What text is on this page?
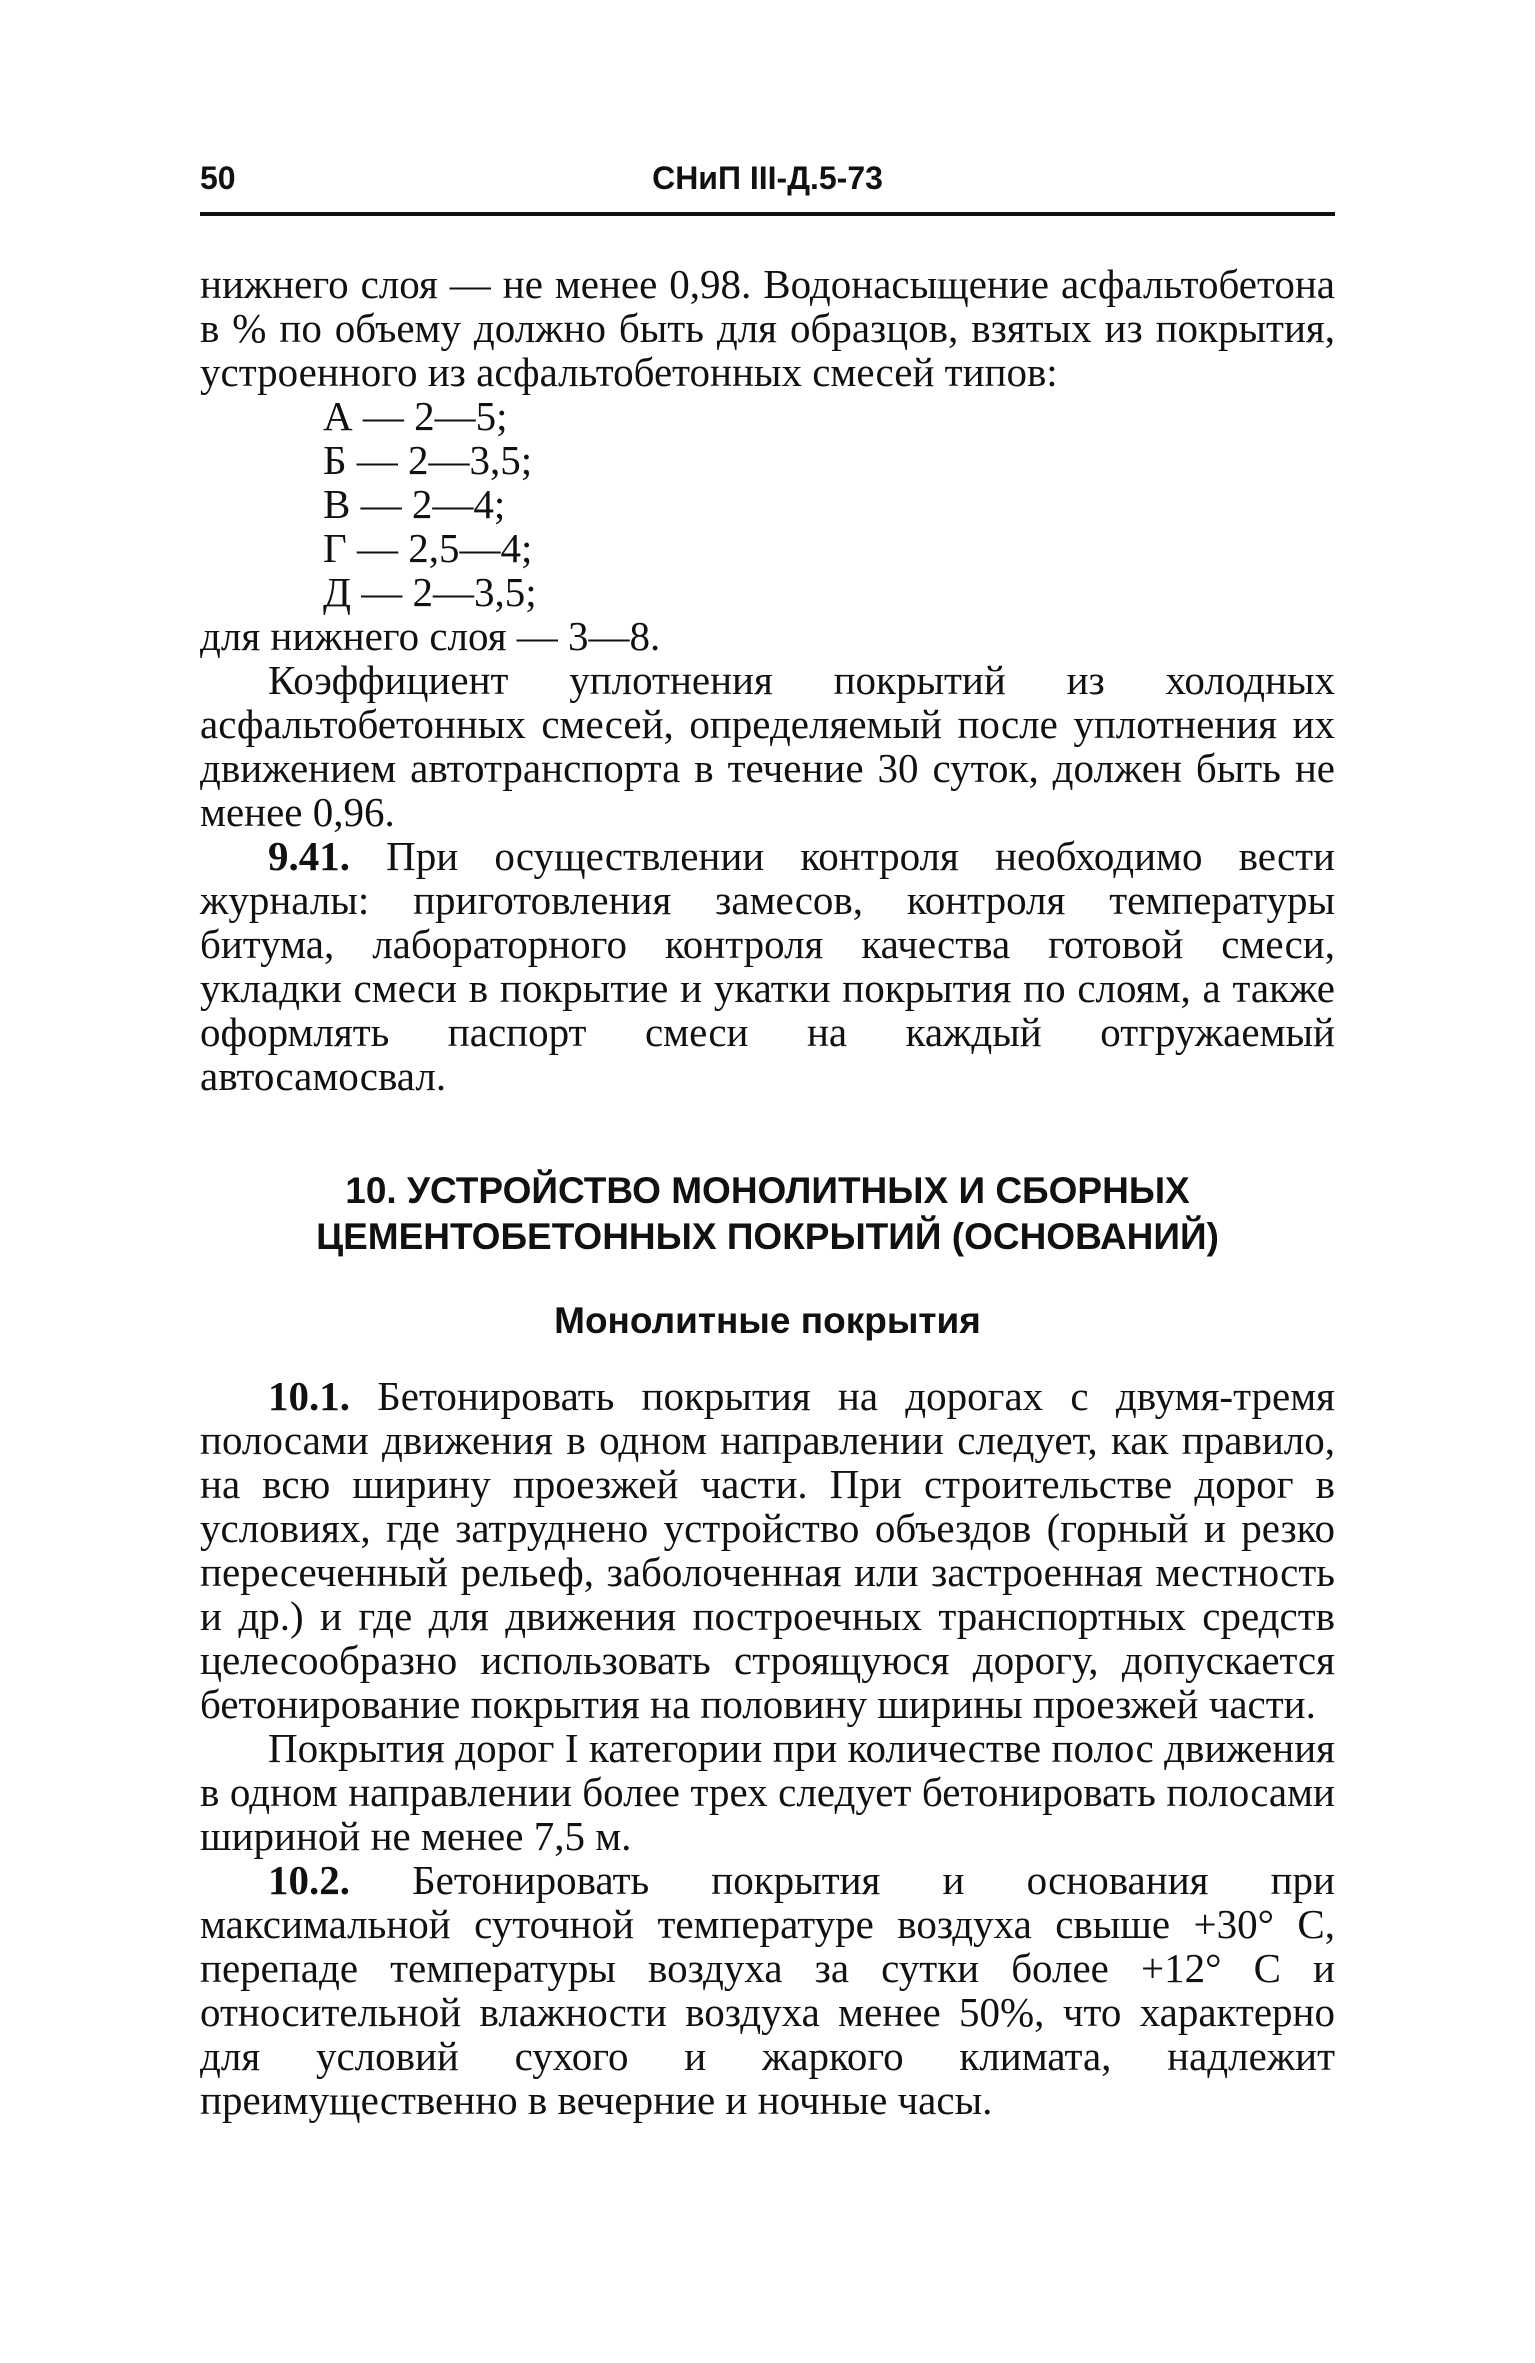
50	СНиП III-Д.5-73

нижнего слоя — не менее 0,98. Водонасыщение асфальтобетона в % по объему должно быть для образцов, взятых из покрытия, устроенного из асфальтобетонных смесей типов:

А — 2—5;
Б — 2—3,5;
В — 2—4;
Г — 2,5—4;
Д — 2—3,5;

для нижнего слоя — 3—8.

Коэффициент уплотнения покрытий из холодных асфальтобетонных смесей, определяемый после уплотнения их движением автотранспорта в течение 30 суток, должен быть не менее 0,96.

9.41. При осуществлении контроля необходимо вести журналы: приготовления замесов, контроля температуры битума, лабораторного контроля качества готовой смеси, укладки смеси в покрытие и укатки покрытия по слоям, а также оформлять паспорт смеси на каждый отгружаемый автосамосвал.

10. УСТРОЙСТВО МОНОЛИТНЫХ И СБОРНЫХ
ЦЕМЕНТОБЕТОННЫХ ПОКРЫТИЙ (ОСНОВАНИЙ)
Монолитные покрытия

10.1. Бетонировать покрытия на дорогах с двумя-тремя полосами движения в одном направлении следует, как правило, на всю ширину проезжей части. При строительстве дорог в условиях, где затруднено устройство объездов (горный и резко пересеченный рельеф, заболоченная или застроенная местность и др.) и где для движения построечных транспортных средств целесообразно использовать строящуюся дорогу, допускается бетонирование покрытия на половину ширины проезжей части.

Покрытия дорог I категории при количестве полос движения в одном направлении более трех следует бетонировать полосами шириной не менее 7,5 м.

10.2. Бетонировать покрытия и основания при максимальной суточной температуре воздуха свыше +30° С, перепаде температуры воздуха за сутки более +12° С и относительной влажности воздуха менее 50%, что характерно для условий сухого и жаркого климата, надлежит преимущественно в вечерние и ночные часы.
